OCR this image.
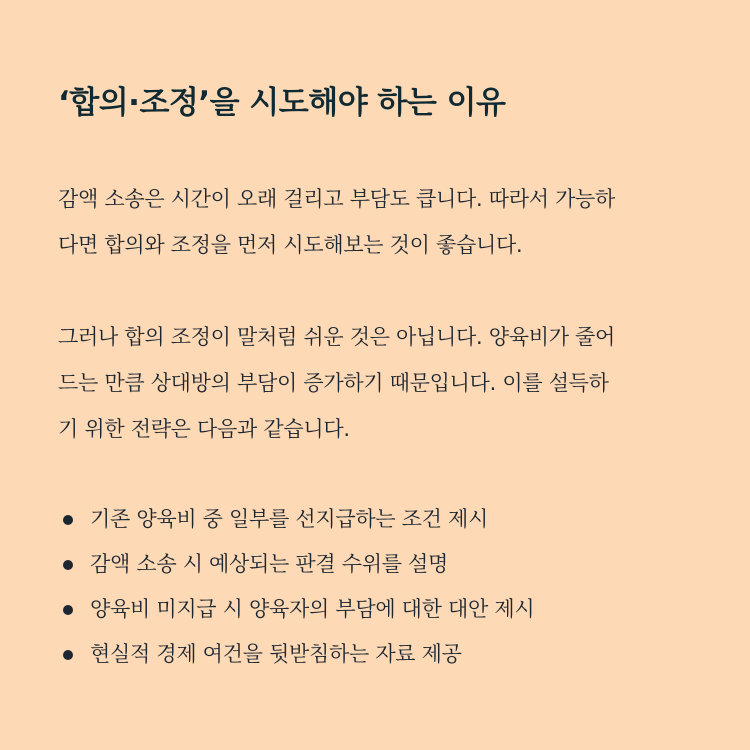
‘합의·조정’을 시도해야 하는 이유

감액 소송은 시간이 오래 걸리고 부담도 큽니다. 따라서 가능하
다면 합의와 조정을 먼저 시도해보는 것이 좋습니다.

그러나 합의 조정이 말처럼 쉬운 것은 아닙니다. 양육비가 줄어
드는 만큼 상대방의 부담이 증가하기 때문입니다. 이를 설득하
기 위한 전략은 다음과 같습니다.

기존 양육비 중 일부를 선지급하는 조건 제시
감액 소송 시 예상되는 판결 수위를 설명
양육비 미지급 시 양육자의 부담에 대한 대안 제시
현실적 경제 여건을 뒷받침하는 자료 제공
